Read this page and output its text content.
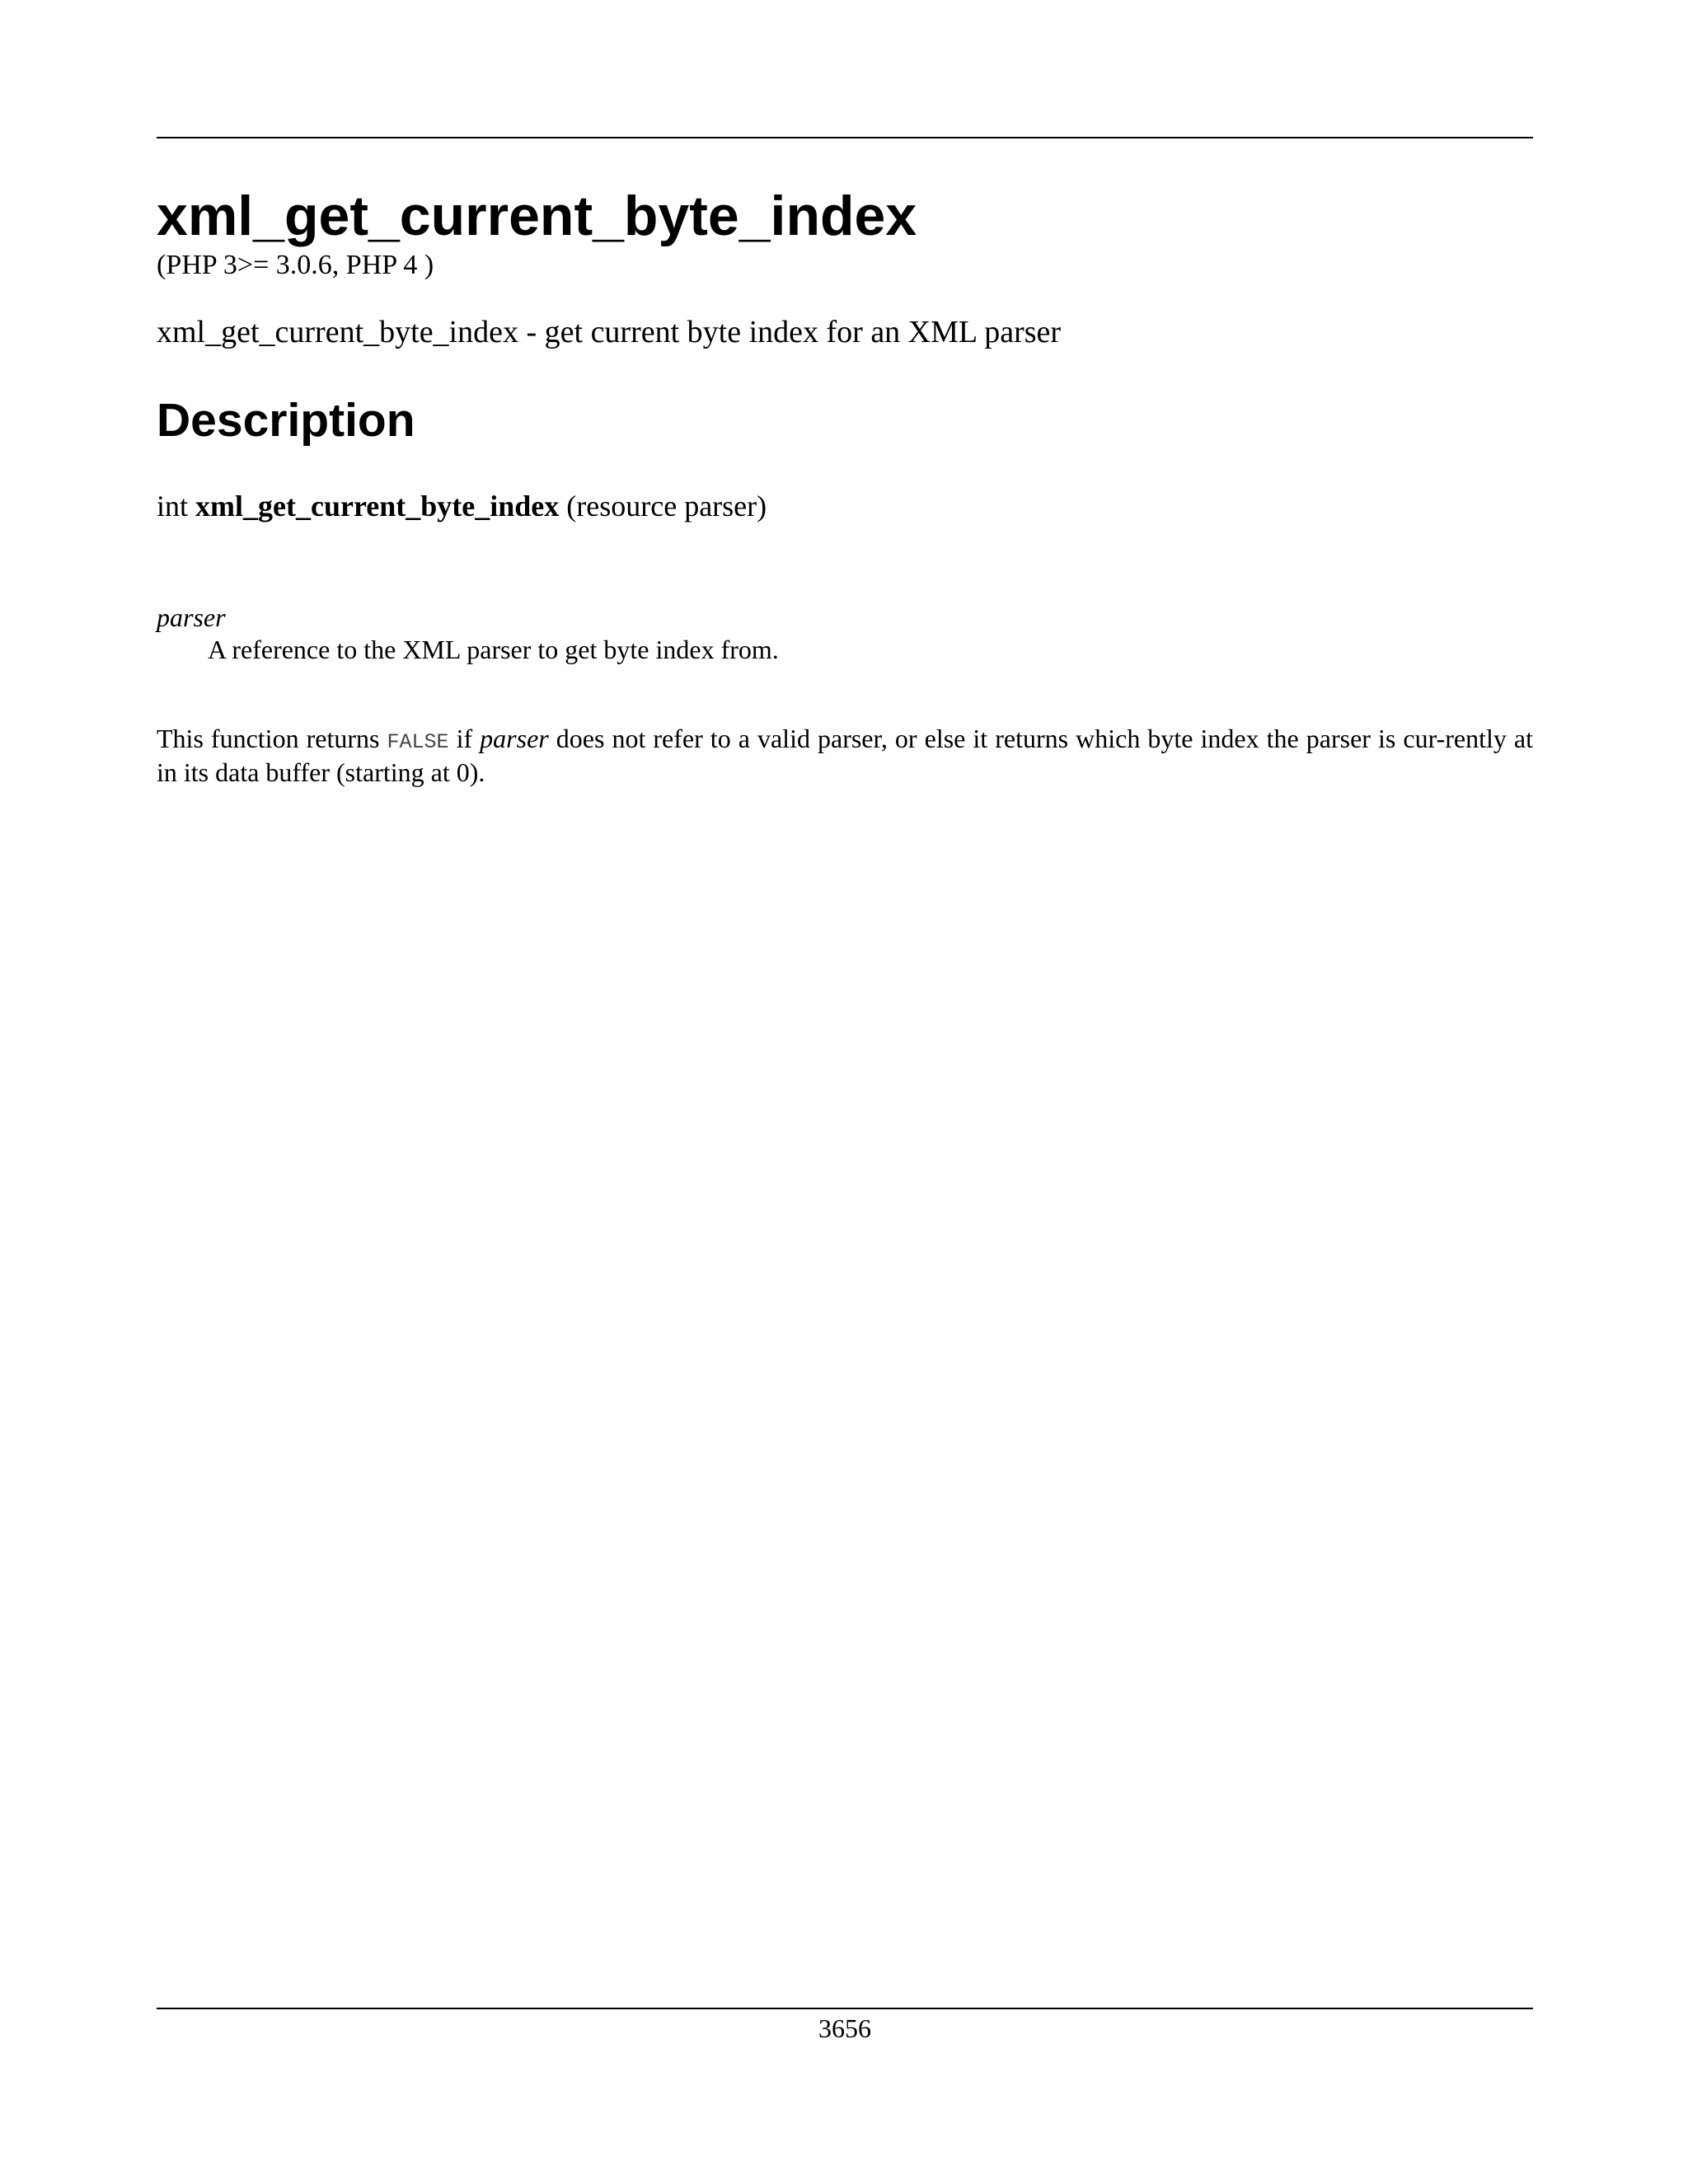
xml_get_current_byte_index
(PHP 3>= 3.0.6, PHP 4 )
xml_get_current_byte_index - get current byte index for an XML parser
Description
int xml_get_current_byte_index (resource parser)
parser
A reference to the XML parser to get byte index from.

This function returns FALSE if parser does not refer to a valid parser, or else it returns which byte index the parser is cur-rently at in its data buffer (starting at 0).

3656
